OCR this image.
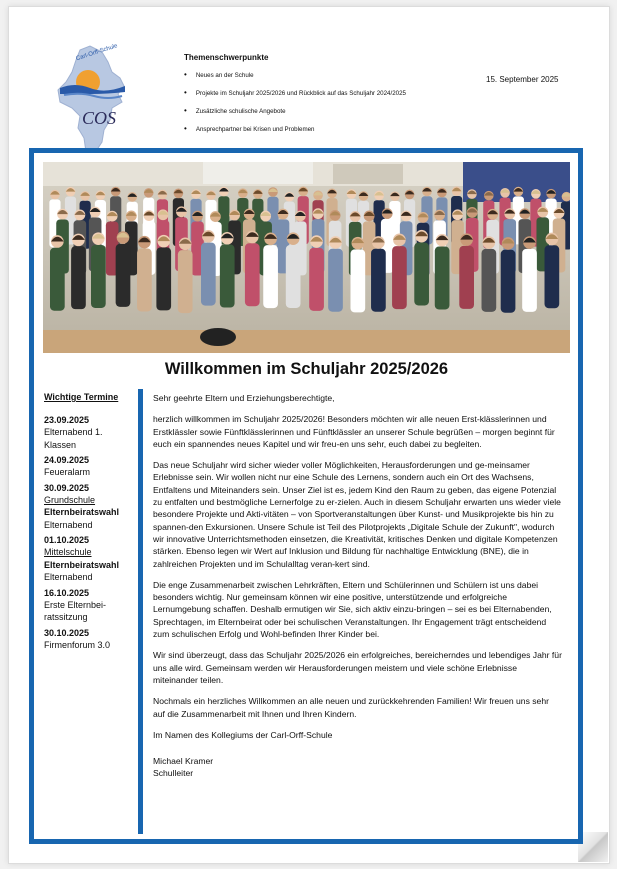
COS
Carl-Orff-Schule	Themenschwerpunkte
• Neues an der Schule
• Projekte im Schuljahr 2025/2026 und Rückblick auf das Schuljahr 2024/2025
• Zusätzliche schulische Angebote
• Ansprechpartner bei Krisen und Problemen
15. September 2025
Willkommen im Schuljahr 2025/2026
Wichtige Termine
23.09.2025
Elternabend 1. Klassen
24.09.2025
Feueralarm
30.09.2025
Grundschule
Elternbeiratswahl
Elternabend
01.10.2025
Mittelschule
Elternbeiratswahl
Elternabend
16.10.2025
Erste Elternbei-ratssitzung
30.10.2025
Firmenforum 3.0

Sehr geehrte Eltern und Erziehungsberechtigte,

herzlich willkommen im Schuljahr 2025/2026! Besonders möchten wir alle neuen Erst-klässlerinnen und Erstklässler sowie Fünftklässlerinnen und Fünftklässler an unserer Schule begrüßen – morgen beginnt für euch ein spannendes neues Kapitel und wir freu-en uns sehr, euch dabei zu begleiten.

Das neue Schuljahr wird sicher wieder voller Möglichkeiten, Herausforderungen und ge-meinsamer Erlebnisse sein. Wir wollen nicht nur eine Schule des Lernens, sondern auch ein Ort des Wachsens, Entfaltens und Miteinanders sein. Unser Ziel ist es, jedem Kind den Raum zu geben, das eigene Potenzial zu entfalten und bestmögliche Lernerfolge zu er-zielen. Auch in diesem Schuljahr erwarten uns wieder viele besondere Projekte und Akti-vitäten – von Sportveranstaltungen über Kunst- und Musikprojekte bis hin zu spannen-den Exkursionen. Unsere Schule ist Teil des Pilotprojekts „Digitale Schule der Zukunft", wodurch wir innovative Unterrichtsmethoden einsetzen, die Kreativität, kritisches Denken und digitale Kompetenzen stärken. Ebenso legen wir Wert auf Inklusion und Bildung für nachhaltige Entwicklung (BNE), die in zahlreichen Projekten und im Schulalltag veran-kert sind.

Die enge Zusammenarbeit zwischen Lehrkräften, Eltern und Schülerinnen und Schülern ist uns dabei besonders wichtig. Nur gemeinsam können wir eine positive, unterstützende und erfolgreiche Lernumgebung schaffen. Deshalb ermutigen wir Sie, sich aktiv einzu-bringen – sei es bei Elternabenden, Sprechtagen, im Elternbeirat oder bei schulischen Veranstaltungen. Ihr Engagement trägt entscheidend zum schulischen Erfolg und Wohl-befinden Ihrer Kinder bei.

Wir sind überzeugt, dass das Schuljahr 2025/2026 ein erfolgreiches, bereicherndes und lebendiges Jahr für uns alle wird. Gemeinsam werden wir Herausforderungen meistern und viele schöne Erlebnisse miteinander teilen.

Nochmals ein herzliches Willkommen an alle neuen und zurückkehrenden Familien! Wir freuen uns sehr auf die Zusammenarbeit mit Ihnen und Ihren Kindern.

Im Namen des Kollegiums der Carl-Orff-Schule

Michael Kramer
Schulleiter
